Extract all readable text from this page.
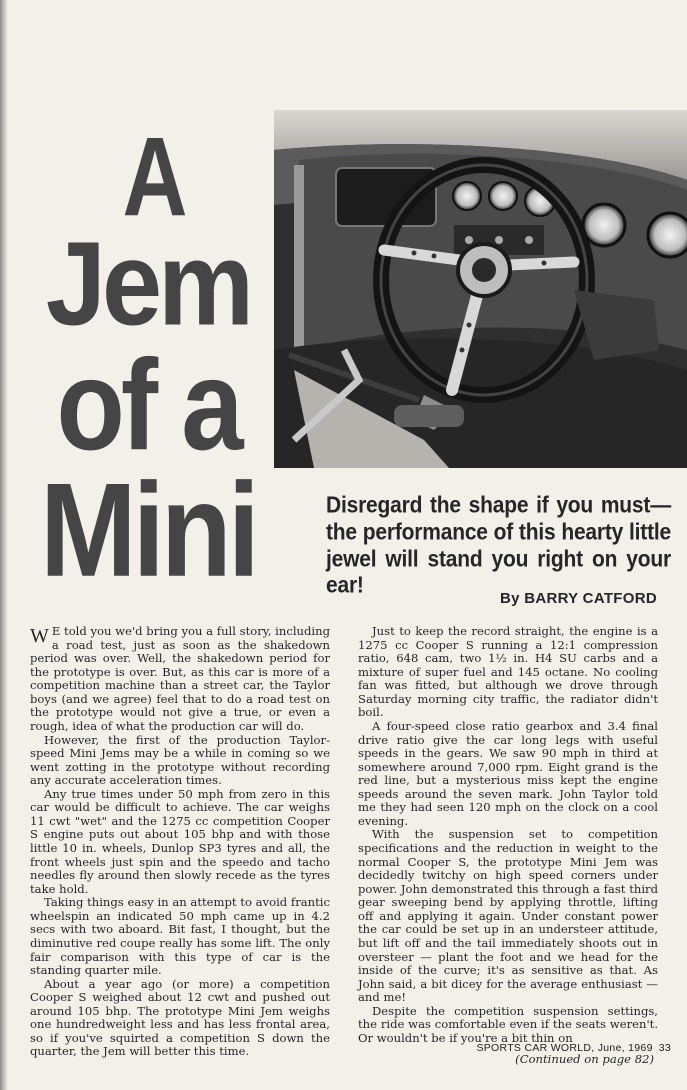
A
Jem
of a
Mini	Disregard the shape if you must—the performance of this hearty little jewel will stand you right on your ear!
By BARRY CATFORD

W E told you we'd bring you a full story, including a road test, just as soon as the shakedown period was over. Well, the shakedown period for the prototype is over. But, as this car is more of a competition machine than a street car, the Taylor boys (and we agree) feel that to do a road test on the prototype would not give a true, or even a rough, idea of what the production car will do.

However, the first of the production Taylor-speed Mini Jems may be a while in coming so we went zotting in the prototype without recording any accurate acceleration times.

Any true times under 50 mph from zero in this car would be difficult to achieve. The car weighs 11 cwt "wet" and the 1275 cc competition Cooper S engine puts out about 105 bhp and with those little 10 in. wheels, Dunlop SP3 tyres and all, the front wheels just spin and the speedo and tacho needles fly around then slowly recede as the tyres take hold.

Taking things easy in an attempt to avoid frantic wheelspin an indicated 50 mph came up in 4.2 secs with two aboard. Bit fast, I thought, but the diminutive red coupe really has some lift. The only fair comparison with this type of car is the standing quarter mile.

About a year ago (or more) a competition Cooper S weighed about 12 cwt and pushed out around 105 bhp. The prototype Mini Jem weighs one hundredweight less and has less frontal area, so if you've squirted a competition S down the quarter, the Jem will better this time.

Just to keep the record straight, the engine is a 1275 cc Cooper S running a 12:1 compression ratio, 648 cam, two 1½ in. H4 SU carbs and a mixture of super fuel and 145 octane. No cooling fan was fitted, but although we drove through Saturday morning city traffic, the radiator didn't boil.

A four-speed close ratio gearbox and 3.4 final drive ratio give the car long legs with useful speeds in the gears. We saw 90 mph in third at somewhere around 7,000 rpm. Eight grand is the red line, but a mysterious miss kept the engine speeds around the seven mark. John Taylor told me they had seen 120 mph on the clock on a cool evening.

With the suspension set to competition specifications and the reduction in weight to the normal Cooper S, the prototype Mini Jem was decidedly twitchy on high speed corners under power. John demonstrated this through a fast third gear sweeping bend by applying throttle, lifting off and applying it again. Under constant power the car could be set up in an understeer attitude, but lift off and the tail immediately shoots out in oversteer — plant the foot and we head for the inside of the curve; it's as sensitive as that. As John said, a bit dicey for the average enthusiast — and me!

Despite the competition suspension settings, the ride was comfortable even if the seats weren't. Or wouldn't be if you're a bit thin on

(Continued on page 82)
SPORTS CAR WORLD, June, 1969 33
